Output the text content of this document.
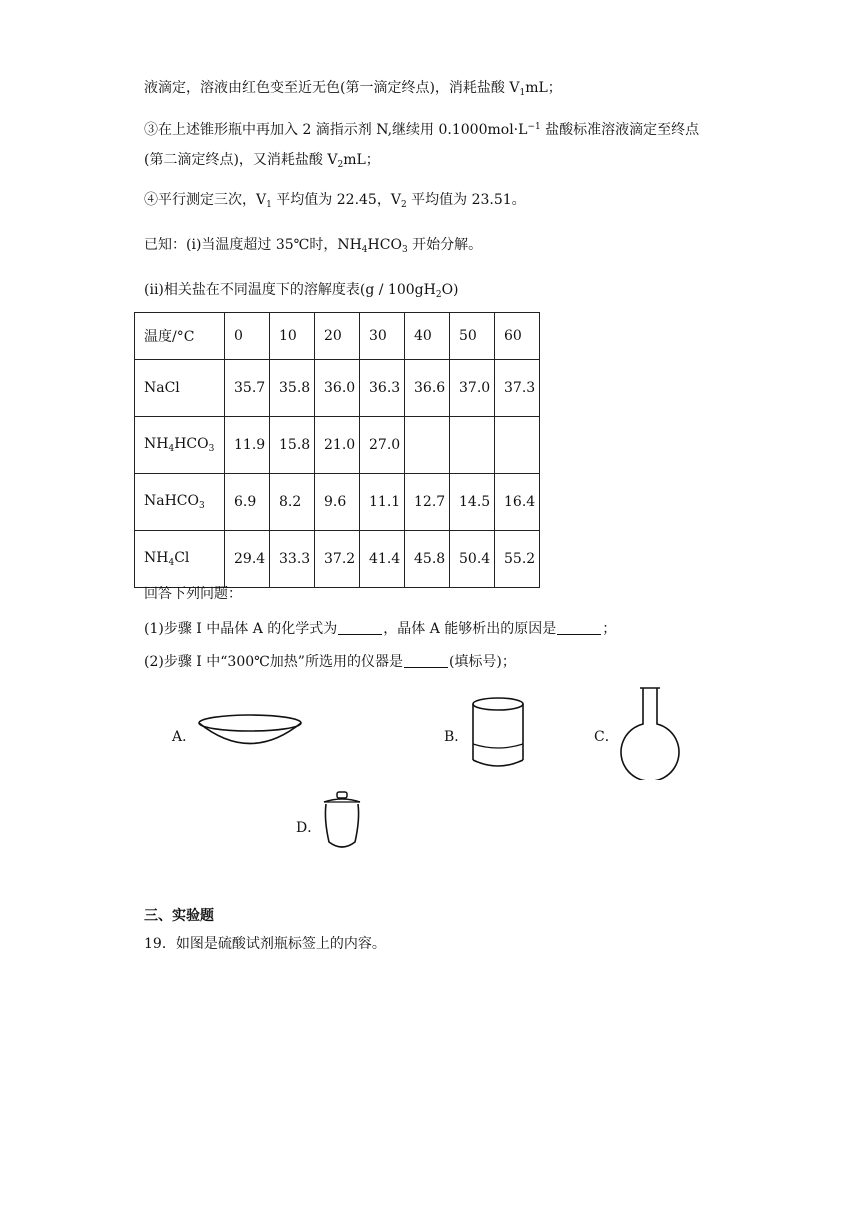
液滴定，溶液由红色变至近无色(第一滴定终点)，消耗盐酸 $V_1mL$；
③在上述锥形瓶中再加入 2 滴指示剂 N,继续用 $0.1000mol\cdot L^{-1}$ 盐酸标准溶液滴定至终点
(第二滴定终点)，又消耗盐酸 $V_2mL$；
④平行测定三次，$V_1$ 平均值为 22.45，$V_2$ 平均值为 23.51。
已知：(i)当温度超过 35℃时，$NH_4HCO_3$ 开始分解。
(ii)相关盐在不同温度下的溶解度表$(g / 100gH_2O)$
温度/°C	0	10	20	30	40	50	60
NaCl	35.7	35.8	36.0	36.3	36.6	37.0	37.3
$NH_4HCO_3$	11.9	15.8	21.0	27.0			
NaHCO$_3$	6.9	8.2	9.6	11.1	12.7	14.5	16.4
$NH_4Cl$	29.4	33.3	37.2	41.4	45.8	50.4	55.2
回答下列问题：
(1)步骤 I 中晶体 A 的化学式为	，晶体 A 能够析出的原因是	；
(2)步骤 I 中“300℃加热”所选用的仪器是	(填标号)；
A．	B．	C．
D．
三、实验题
19．如图是硫酸试剂瓶标签上的内容。
